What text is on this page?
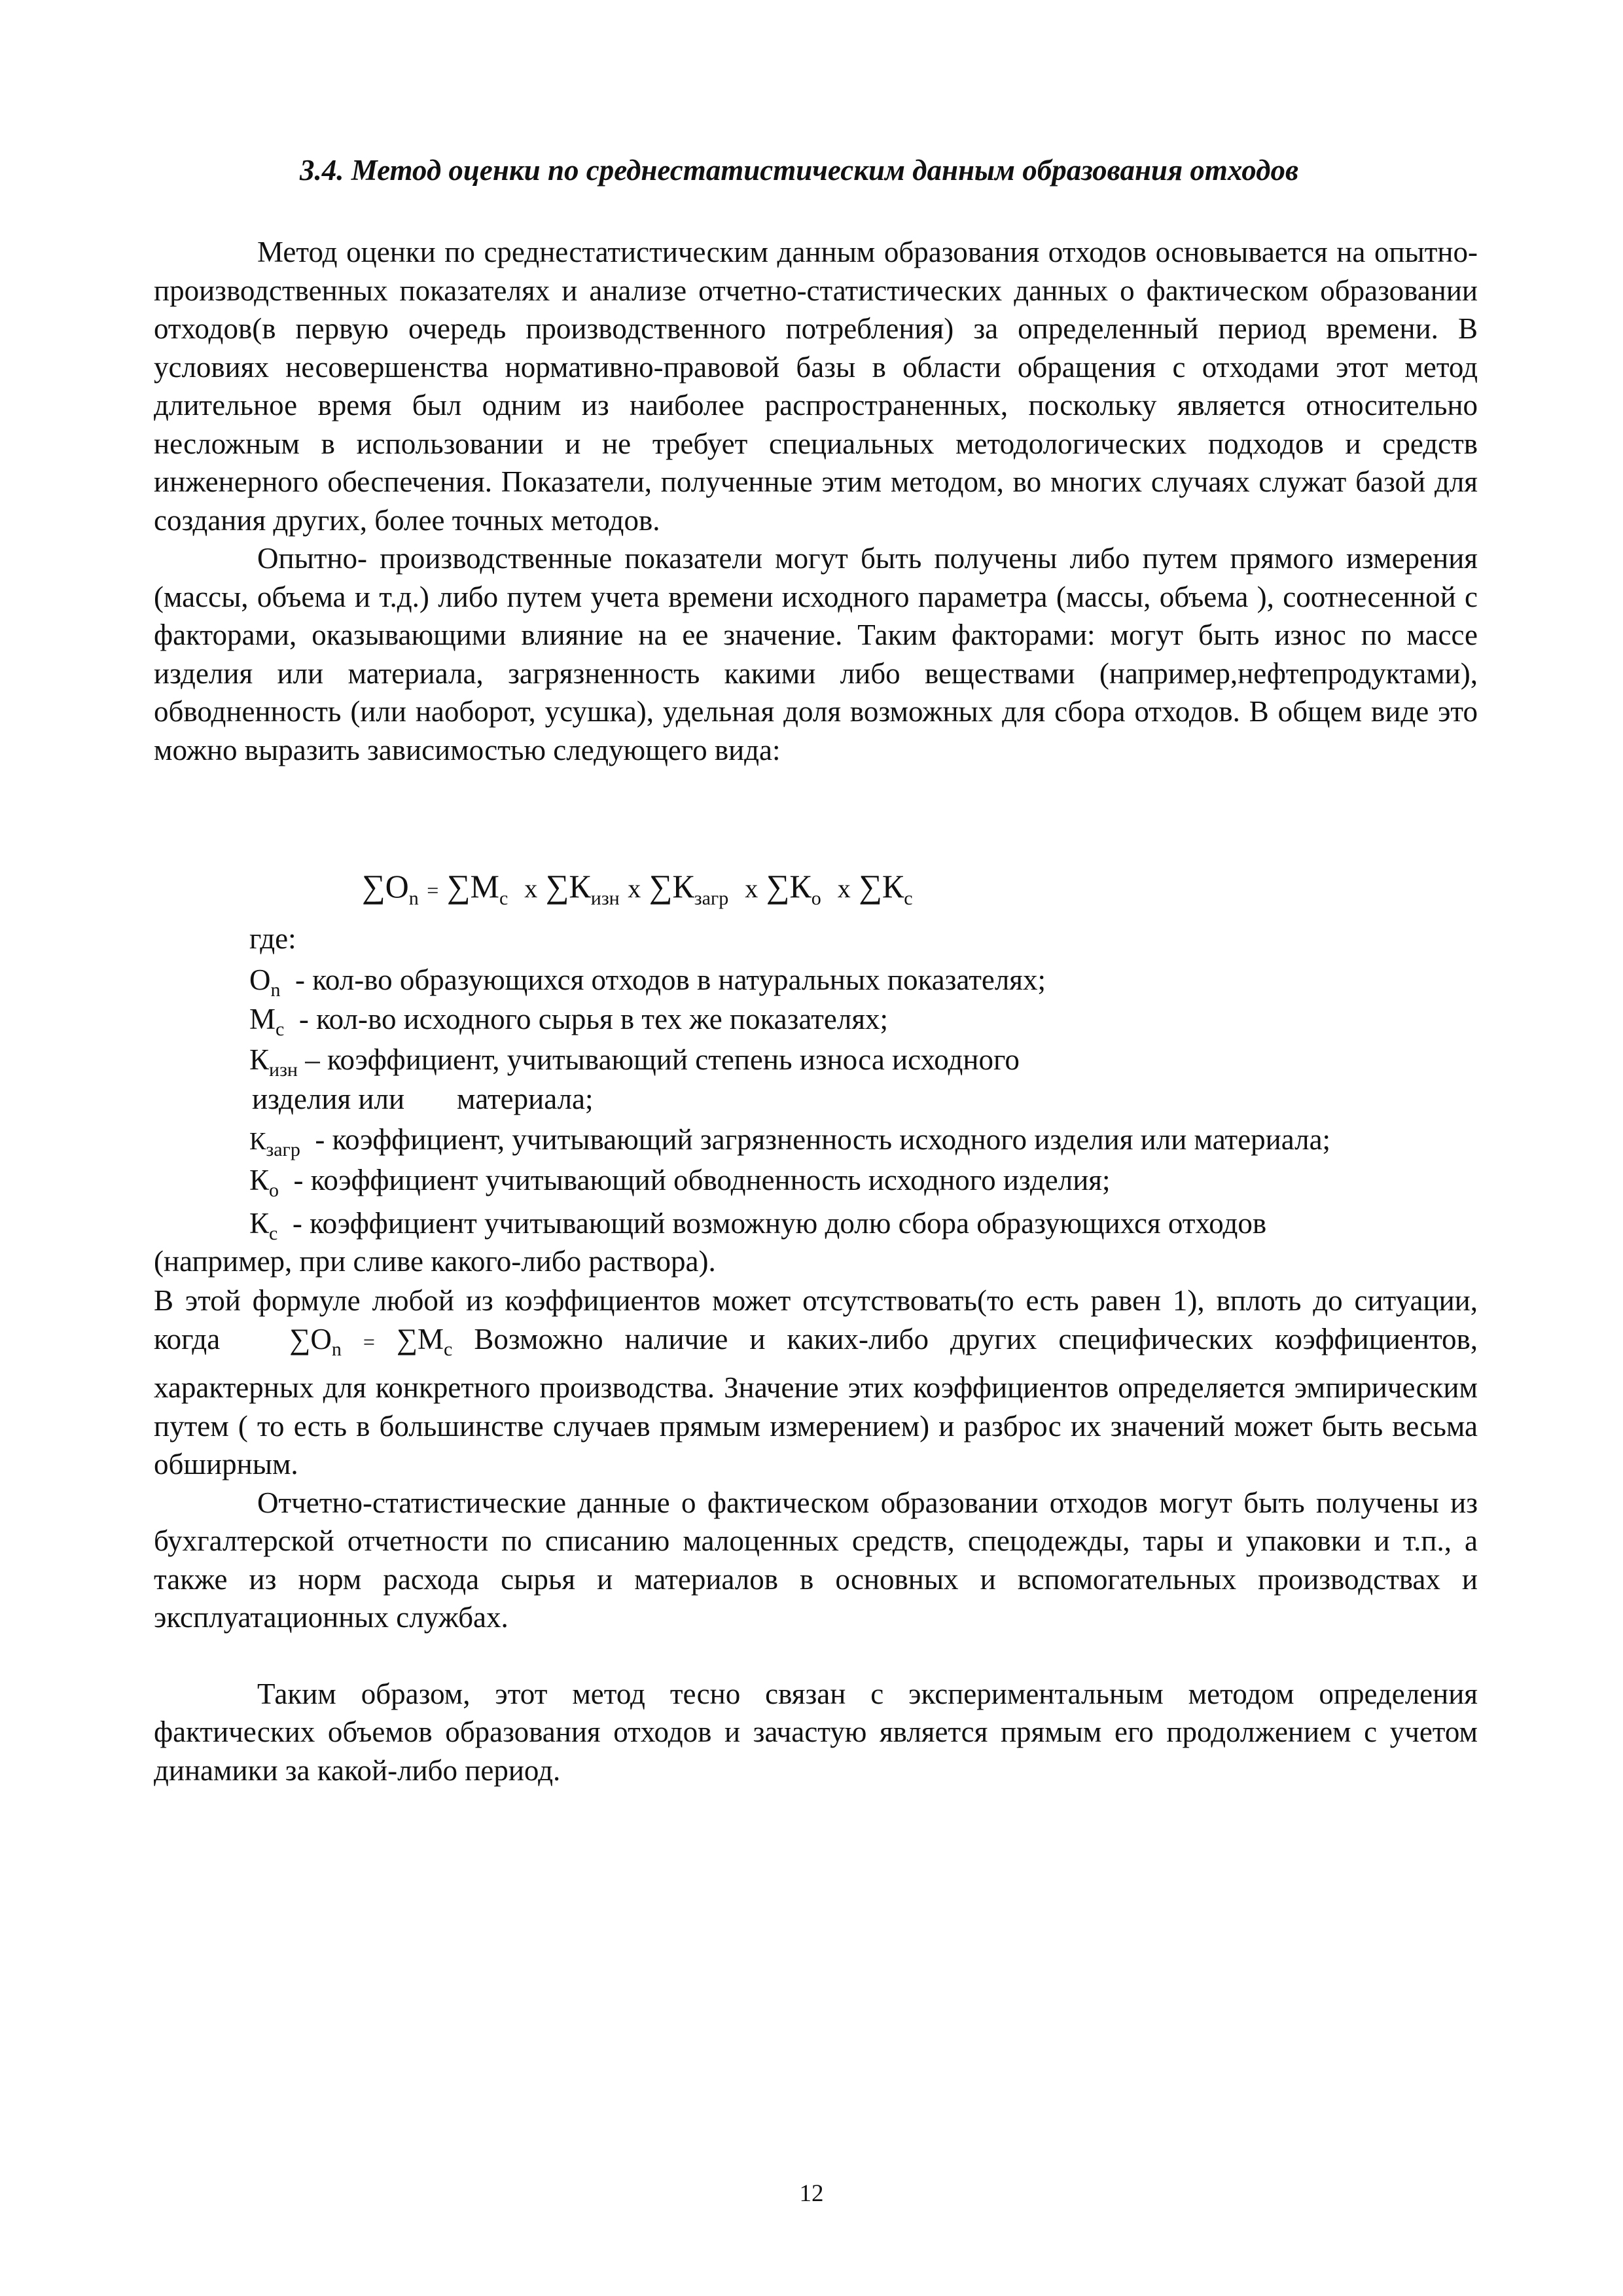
3.4. Метод оценки по среднестатистическим данным образования отходов

Метод оценки по среднестатистическим данным образования отходов основывается на опытно-производственных показателях и анализе отчетно-статистических данных о фактическом образовании отходов(в первую очередь производственного потребления) за определенный период времени. В условиях несовершенства нормативно-правовой базы в области обращения с отходами этот метод длительное время был одним из наиболее распространенных, поскольку является относительно несложным в использовании и не требует специальных методологических подходов и средств инженерного обеспечения. Показатели, полученные этим методом, во многих случаях служат базой для создания других, более точных методов.

Опытно- производственные показатели могут быть получены либо путем прямого измерения (массы, объема и т.д.) либо путем учета времени исходного параметра (массы, объема ), соотнесенной с факторами, оказывающими влияние на ее значение. Таким факторами: могут быть износ по массе изделия или материала, загрязненность какими либо веществами (например,нефтепродуктами), обводненность (или наоборот, усушка), удельная доля возможных для сбора отходов. В общем виде это можно выразить зависимостью следующего вида:

$\sum О_n = \sum М_с$ х $\sum К_{изн}$ х $\sum К_{загр}$ х $\sum К_о$ х $\sum К_с$
где:
$О_n - кол-во$ образующихся отходов в натуральных показателях;
$М_с - кол-во$ исходного сырья в тех же показателях;
$К_{изн}$ – коэффициент, учитывающий степень износа исходного
изделия или материала;
$К_{загр}$ - коэффициент, учитывающий загрязненность исходного изделия или материала;
$К_о$ - коэффициент учитывающий обводненность исходного изделия;
$К_с$ - коэффициент учитывающий возможную долю сбора образующихся отходов
(например, при сливе какого-либо раствора).

В этой формуле любой из коэффициентов может отсутствовать(то есть равен 1), вплоть до ситуации, когда $\sum О_n = \sum М_с$ Возможно наличие и каких-либо других специфических коэффициентов, характерных для конкретного производства. Значение этих коэффициентов определяется эмпирическим путем ( то есть в большинстве случаев прямым измерением) и разброс их значений может быть весьма обширным.

Отчетно-статистические данные о фактическом образовании отходов могут быть получены из бухгалтерской отчетности по списанию малоценных средств, спецодежды, тары и упаковки и т.п., а также из норм расхода сырья и материалов в основных и вспомогательных производствах и эксплуатационных службах.

Таким образом, этот метод тесно связан с экспериментальным методом определения фактических объемов образования отходов и зачастую является прямым его продолжением с учетом динамики за какой-либо период.

12
